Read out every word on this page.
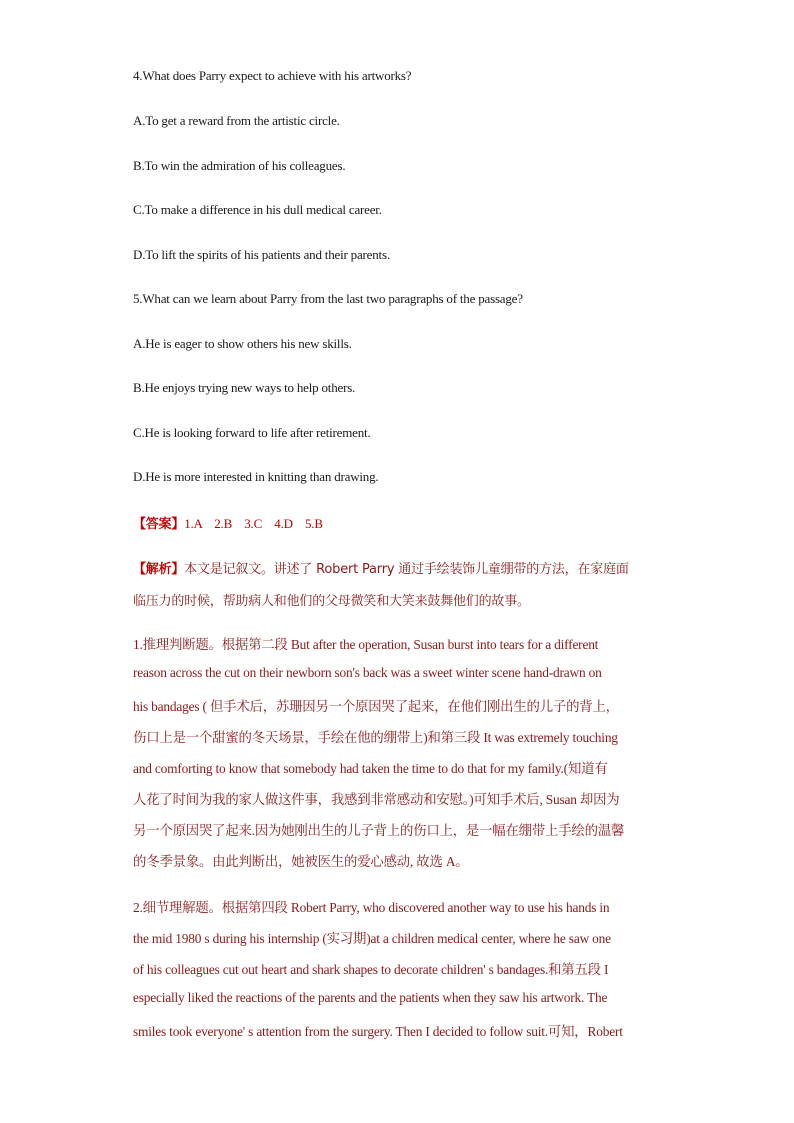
4.What does Parry expect to achieve with his artworks?
A.To get a reward from the artistic circle.
B.To win the admiration of his colleagues.
C.To make a difference in his dull medical career.
D.To lift the spirits of his patients and their parents.
5.What can we learn about Parry from the last two paragraphs of the passage?
A.He is eager to show others his new skills.
B.He enjoys trying new ways to help others.
C.He is looking forward to life after retirement.
D.He is more interested in knitting than drawing.
【答案】1.A    2.B    3.C    4.D    5.B
【解析】本文是记叙文。讲述了 Robert Parry 通过手绘装饰儿童绷带的方法，在家庭面
临压力的时候，帮助病人和他们的父母微笑和大笑来鼓舞他们的故事。
1.推理判断题。根据第二段 But after the operation, Susan burst into tears for a different
reason across the cut on their newborn son's back was a sweet winter scene hand-drawn on
his bandages ( 但手术后，苏珊因另一个原因哭了起来，在他们刚出生的儿子的背上，
伤口上是一个甜蜜的冬天场景，手绘在他的绷带上)和第三段 It was extremely touching
and comforting to know that somebody had taken the time to do that for my family.(知道有
人花了时间为我的家人做这件事，我感到非常感动和安慰。)可知手术后, Susan 却因为
另一个原因哭了起来.因为她刚出生的儿子背上的伤口上，是一幅在绷带上手绘的温馨
的冬季景象。由此判断出，她被医生的爱心感动, 故选 A。
2.细节理解题。根据第四段 Robert Parry, who discovered another way to use his hands in
the mid 1980 s during his internship (实习期)at a children medical center, where he saw one
of his colleagues cut out heart and shark shapes to decorate children' s bandages.和第五段 I
especially liked the reactions of the parents and the patients when they saw his artwork. The
smiles took everyone' s attention from the surgery. Then I decided to follow suit.可知，Robert
